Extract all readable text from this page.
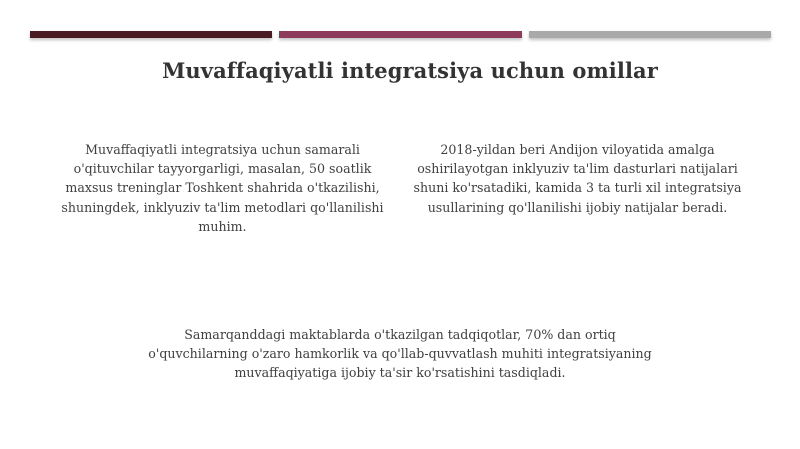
Muvaffaqiyatli integratsiya uchun omillar
Muvaffaqiyatli integratsiya uchun samarali o'qituvchilar tayyorgarligi, masalan, 50 soatlik maxsus treninglar Toshkent shahrida o'tkazilishi, shuningdek, inklyuziv ta'lim metodlari qo'llanilishi muhim.
2018-yildan beri Andijon viloyatida amalga oshirilayotgan inklyuziv ta'lim dasturlari natijalari shuni ko'rsatadiki, kamida 3 ta turli xil integratsiya usullarining qo'llanilishi ijobiy natijalar beradi.
Samarqanddagi maktablarda o'tkazilgan tadqiqotlar, 70% dan ortiq o'quvchilarning o'zaro hamkorlik va qo'llab-quvvatlash muhiti integratsiyaning muvaffaqiyatiga ijobiy ta'sir ko'rsatishini tasdiqladi.
